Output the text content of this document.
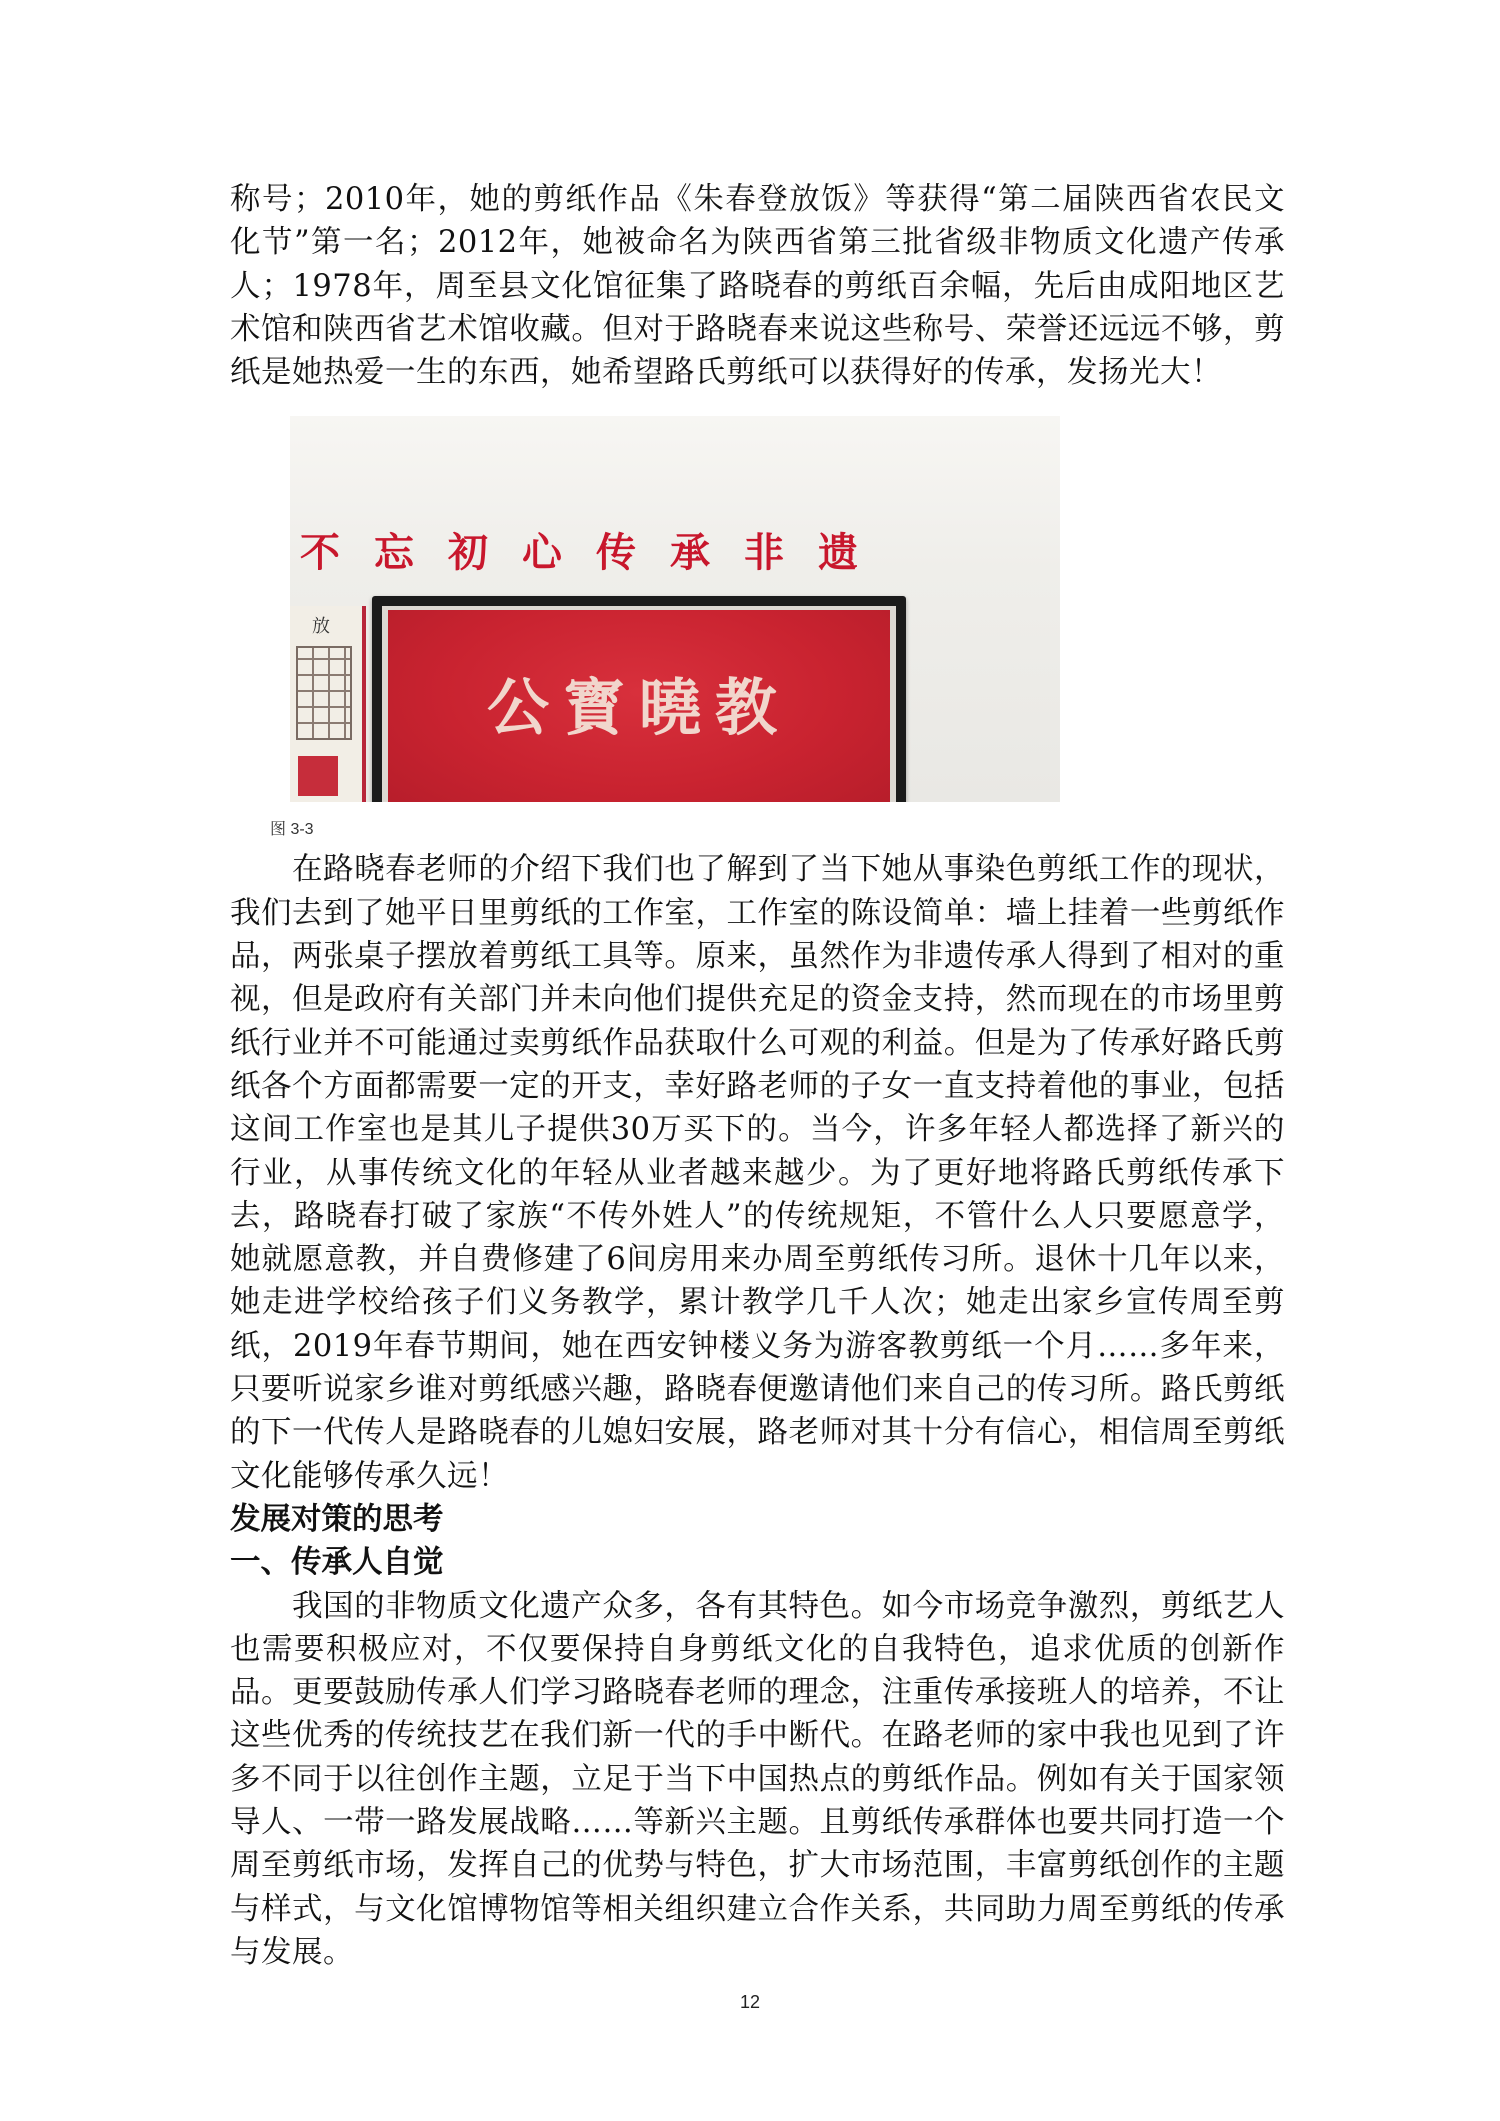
称号；2010年，她的剪纸作品《朱春登放饭》等获得“第二届陕西省农民文化节”第一名；2012年，她被命名为陕西省第三批省级非物质文化遗产传承人；1978年，周至县文化馆征集了路晓春的剪纸百余幅，先后由成阳地区艺术馆和陕西省艺术馆收藏。但对于路晓春来说这些称号、荣誉还远远不够，剪纸是她热爱一生的东西，她希望路氏剪纸可以获得好的传承，发扬光大！

不忘初心传承非遗
放
公寳曉教

图 3-3

在路晓春老师的介绍下我们也了解到了当下她从事染色剪纸工作的现状，我们去到了她平日里剪纸的工作室，工作室的陈设简单：墙上挂着一些剪纸作品，两张桌子摆放着剪纸工具等。原来，虽然作为非遗传承人得到了相对的重视，但是政府有关部门并未向他们提供充足的资金支持，然而现在的市场里剪纸行业并不可能通过卖剪纸作品获取什么可观的利益。但是为了传承好路氏剪纸各个方面都需要一定的开支，幸好路老师的子女一直支持着他的事业，包括这间工作室也是其儿子提供30万买下的。当今，许多年轻人都选择了新兴的行业，从事传统文化的年轻从业者越来越少。为了更好地将路氏剪纸传承下去，路晓春打破了家族“不传外姓人”的传统规矩，不管什么人只要愿意学，她就愿意教，并自费修建了6间房用来办周至剪纸传习所。退休十几年以来，她走进学校给孩子们义务教学，累计教学几千人次；她走出家乡宣传周至剪纸，2019年春节期间，她在西安钟楼义务为游客教剪纸一个月……多年来，只要听说家乡谁对剪纸感兴趣，路晓春便邀请他们来自己的传习所。路氏剪纸的下一代传人是路晓春的儿媳妇安展，路老师对其十分有信心，相信周至剪纸文化能够传承久远！

发展对策的思考

一、传承人自觉

我国的非物质文化遗产众多，各有其特色。如今市场竞争激烈，剪纸艺人也需要积极应对，不仅要保持自身剪纸文化的自我特色，追求优质的创新作品。更要鼓励传承人们学习路晓春老师的理念，注重传承接班人的培养，不让这些优秀的传统技艺在我们新一代的手中断代。在路老师的家中我也见到了许多不同于以往创作主题，立足于当下中国热点的剪纸作品。例如有关于国家领导人、一带一路发展战略……等新兴主题。且剪纸传承群体也要共同打造一个周至剪纸市场，发挥自己的优势与特色，扩大市场范围，丰富剪纸创作的主题与样式，与文化馆博物馆等相关组织建立合作关系，共同助力周至剪纸的传承与发展。

12
